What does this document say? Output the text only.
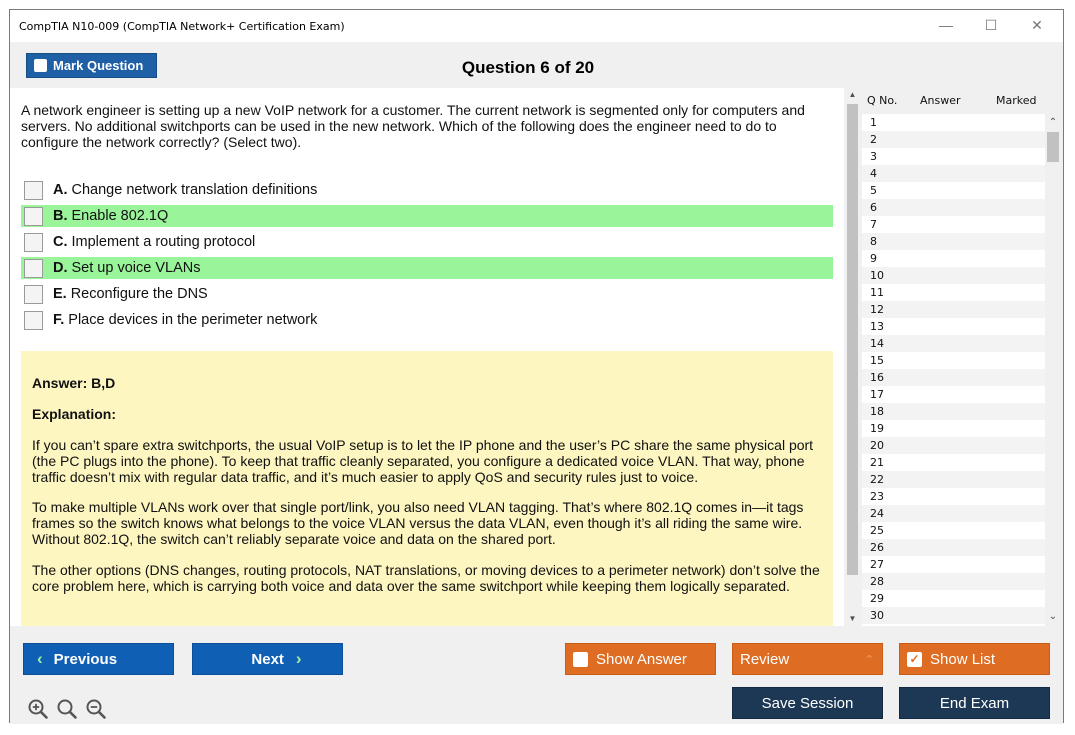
CompTIA N10-009 (CompTIA Network+ Certification Exam)	—	☐	✕
Mark Question	Question 6 of 20
A network engineer is setting up a new VoIP network for a customer. The current network is segmented only for computers and servers. No additional switchports can be used in the new network. Which of the following does the engineer need to do to configure the network correctly? (Select two).
A. Change network translation definitions
B. Enable 802.1Q
C. Implement a routing protocol
D. Set up voice VLANs
E. Reconfigure the DNS
F. Place devices in the perimeter network
Answer: B,D
Explanation:
If you can’t spare extra switchports, the usual VoIP setup is to let the IP phone and the user’s PC share the same physical port (the PC plugs into the phone). To keep that traffic cleanly separated, you configure a dedicated voice VLAN. That way, phone traffic doesn’t mix with regular data traffic, and it’s much easier to apply QoS and security rules just to voice.
To make multiple VLANs work over that single port/link, you also need VLAN tagging. That’s where 802.1Q comes in—it tags frames so the switch knows what belongs to the voice VLAN versus the data VLAN, even though it’s all riding the same wire. Without 802.1Q, the switch can’t reliably separate voice and data on the shared port.
The other options (DNS changes, routing protocols, NAT translations, or moving devices to a perimeter network) don’t solve the core problem here, which is carrying both voice and data over the same switchport while keeping them logically separated.
▲
▼
Q No. Answer	Marked
1
2
3
4
5
6
7
8
9
10
11
12
13
14
15
16
17
18
19
20
21
22
23
24
25
26
27
28
29
30
⌃
⌄
‹ Previous	Next ›	Show Answer	Review	⌃	✓ Show List
Save Session	End Exam
